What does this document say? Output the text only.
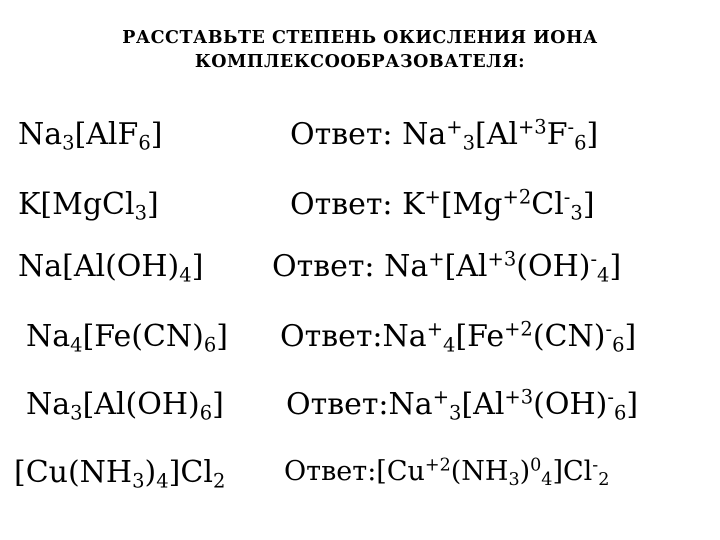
РАССТАВЬТЕ СТЕПЕНЬ ОКИСЛЕНИЯ ИОНА
КОМПЛЕКСООБРАЗОВАТЕЛЯ:
$Na_3[AlF_6]$	Ответ: $Na^+_3[Al^{+3}F^-_6]$
K[MgCl$_3$]	Ответ: $K^+[Mg^{+2}Cl^-_3]$
$Na[Al(OH)_4]$ Ответ: $Na^+[Al^{+3}(OH)^-_4]$
$Na_4[Fe(CN)_6]$ $Ответ:Na^+_4[Fe^{+2}(CN)^-_6]$
$Na_3[Al(OH)_6]$ $Ответ:Na^+_3[Al^{+3}(OH)^-_6]$
$[Cu(NH_3)_4]Cl_2$ $Ответ:[Cu^{+2}(NH_3)^0_4]Cl^-_2$
